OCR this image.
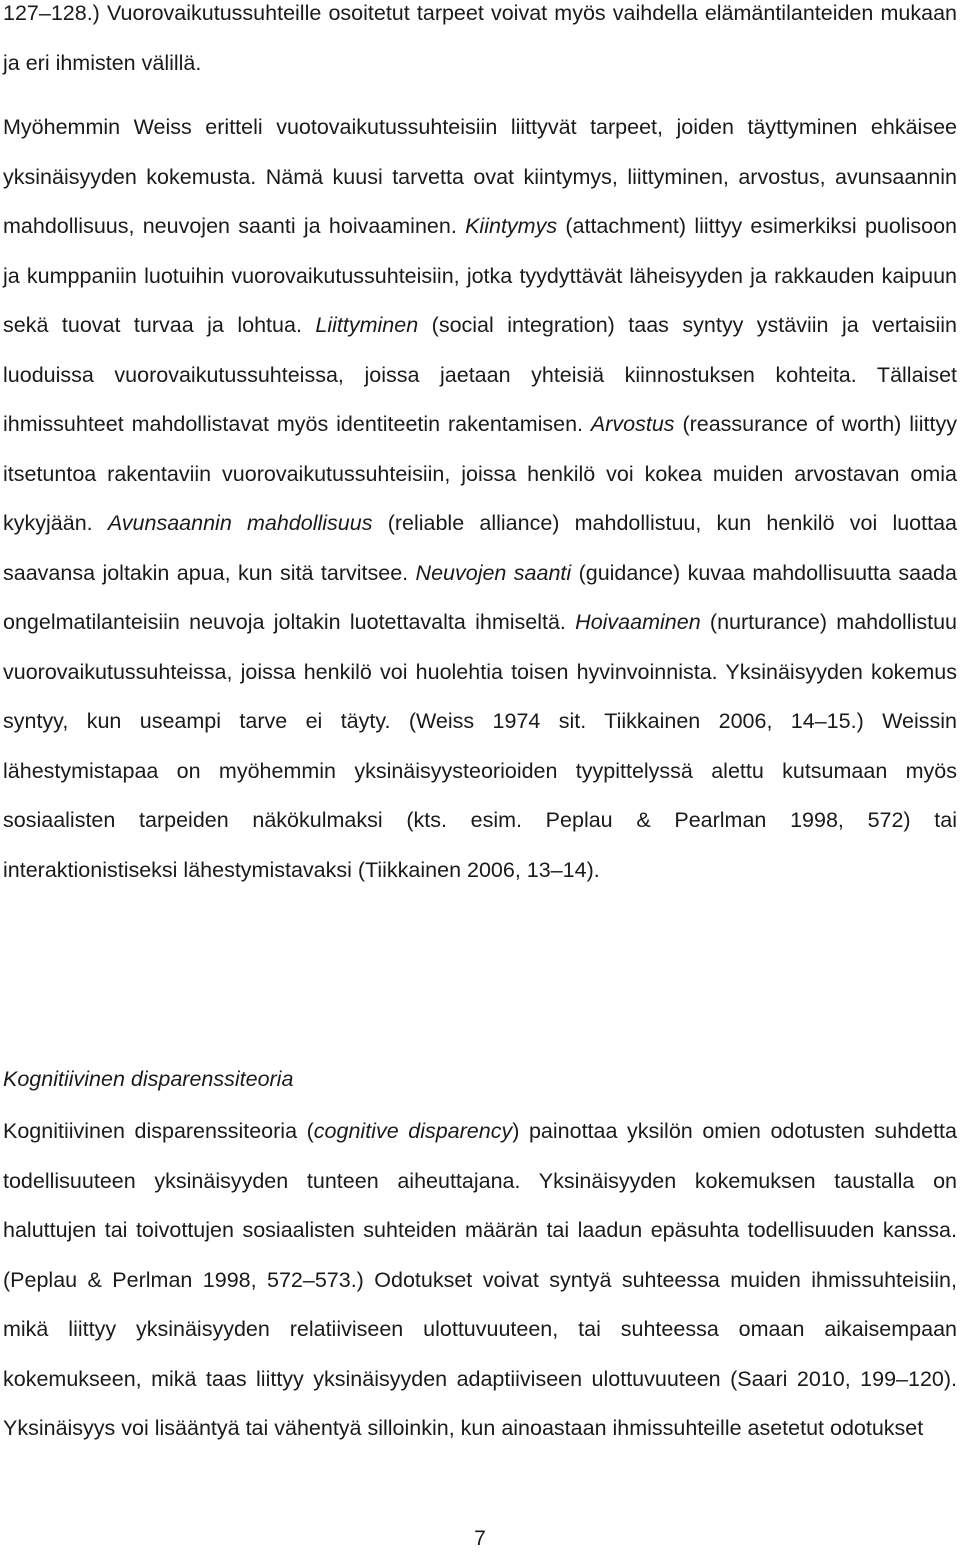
127–128.) Vuorovaikutussuhteille osoitetut tarpeet voivat myös vaihdella elämäntilanteiden mukaan ja eri ihmisten välillä.

Myöhemmin Weiss eritteli vuotovaikutussuhteisiin liittyvät tarpeet, joiden täyttyminen ehkäisee yksinäisyyden kokemusta. Nämä kuusi tarvetta ovat kiintymys, liittyminen, arvostus, avunsaannin mahdollisuus, neuvojen saanti ja hoivaaminen. Kiintymys (attachment) liittyy esimerkiksi puolisoon ja kumppaniin luotuihin vuorovaikutussuhteisiin, jotka tyydyttävät läheisyyden ja rakkauden kaipuun sekä tuovat turvaa ja lohtua. Liittyminen (social integration) taas syntyy ystäviin ja vertaisiin luoduissa vuorovaikutussuhteissa, joissa jaetaan yhteisiä kiinnostuksen kohteita. Tällaiset ihmissuhteet mahdollistavat myös identiteetin rakentamisen. Arvostus (reassurance of worth) liittyy itsetuntoa rakentaviin vuorovaikutussuhteisiin, joissa henkilö voi kokea muiden arvostavan omia kykyjään. Avunsaannin mahdollisuus (reliable alliance) mahdollistuu, kun henkilö voi luottaa saavansa joltakin apua, kun sitä tarvitsee. Neuvojen saanti (guidance) kuvaa mahdollisuutta saada ongelmatilanteisiin neuvoja joltakin luotettavalta ihmiseltä. Hoivaaminen (nurturance) mahdollistuu vuorovaikutussuhteissa, joissa henkilö voi huolehtia toisen hyvinvoinnista. Yksinäisyyden kokemus syntyy, kun useampi tarve ei täyty. (Weiss 1974 sit. Tiikkainen 2006, 14–15.) Weissin lähestymistapaa on myöhemmin yksinäisyysteorioiden tyypittelyssä alettu kutsumaan myös sosiaalisten tarpeiden näkökulmaksi (kts. esim. Peplau & Pearlman 1998, 572) tai interaktionistiseksi lähestymistavaksi (Tiikkainen 2006, 13–14).

Kognitiivinen disparenssiteoria

Kognitiivinen disparenssiteoria (cognitive disparency) painottaa yksilön omien odotusten suhdetta todellisuuteen yksinäisyyden tunteen aiheuttajana. Yksinäisyyden kokemuksen taustalla on haluttujen tai toivottujen sosiaalisten suhteiden määrän tai laadun epäsuhta todellisuuden kanssa. (Peplau & Perlman 1998, 572–573.) Odotukset voivat syntyä suhteessa muiden ihmissuhteisiin, mikä liittyy yksinäisyyden relatiiviseen ulottuvuuteen, tai suhteessa omaan aikaisempaan kokemukseen, mikä taas liittyy yksinäisyyden adaptiiviseen ulottuvuuteen (Saari 2010, 199–120). Yksinäisyys voi lisääntyä tai vähentyä silloinkin, kun ainoastaan ihmissuhteille asetetut odotukset

7
